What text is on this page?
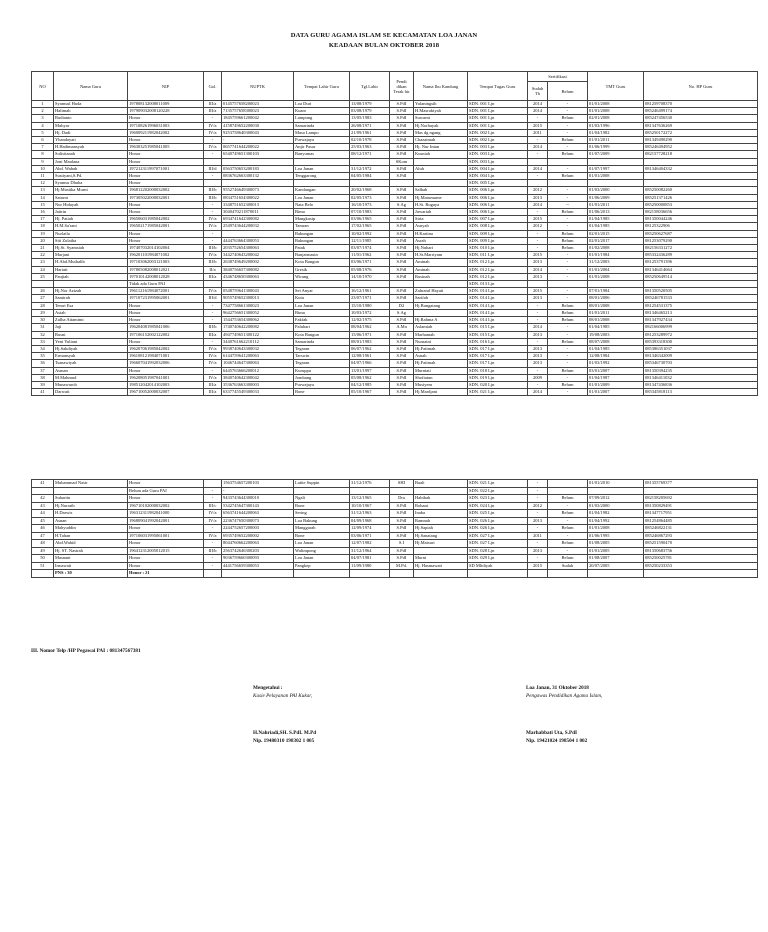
DATA GURU AGAMA ISLAM SE KECAMATAN LOA JANAN
KEADAAN BULAN OKTOBER 2018
NO	Nama Guru	NIP	Gol.	NUPTK	Tempat Lahir Guru	Tgl.Lahir	Pendi dikan Terak hir	Nama Ibu Kandung	Tempat Tugas Guru	Sertifikasi		TMT Guru	No. HP Guru
										Sudah Th	Belum		
1	Syamsul Huda	197808132008011009	III/a	0145757658200023	Loa Duri	13/08/1979	S.PdI	Yulaningsih	SDN. 001 Ljn	2014	-	01/01/2008	081259708370
2	Halimah	197909032008120228	III/a	7135757658300023	Kuaro	03/08/1979	S.PdI	H.Masrukiyah	SDN. 001 Ljn	2014	-	01/01/2008	085246499174
3	Rudianto	Honor	-	1845759661200042	Lampung	13/05/1983	S.PdI	Suwarni	SDN. 001 Ljn	-	Belum	02/01/2008	085247456530
4	Muhyar	197108261996031003	IV/a	4158749652200030	Samarinda	26/08/1971	S.PdI	Hj.Norhayah	SDN. 001 Ljn	2015	-	01/03/1996	081347636269
5	Hj. Dadi	196009211982042002	IV/a	9253758640300043	Masa Lampo	21/09/1961	S.PdI	Mas dg ngang	SDN. 002 Ljn	2011	-	01/04/1982	085250172272
6	Yhandayati	Honor	-	-	Purwajaya	02/10/1978	S.PdI	Chazaimah	SDN. 002 Ljn	-	Belum	01/01/2011	081349490290
7	H.Hadimansyah	196303251985041005	IV/a	0657741644200022	Anjir Pasar	25/03/1963	S.PdI	Hj. Nur Intan	SDN. 003 Ljn	2014	-	01/06/1999	085246494952
8	Sulistianah	Honor	-	6540749651300103	Banyumas	08/12/1971	S.PdI	Kusniah	SDN. 003 Ljn	-	Belum	01/07/2009	082157728218
9	Joni Maulana	Honor					SKom		SDN. 003 Ljn				
10	Abd. Wahab	197212311997071001	III/d	0563750653200183	Loa Janan	31/12/1972	S.PdI	Aluh	SDN. 004 Ljn	2014	-	01/07/1997	081346404332
11	Sustiyani,S.Pd.	Honor	-	0836762663300132	Tenggarong	04/05/1984	S.PdI		SDN. 004 Ljn	-	Belum	01/01/2008	
12	Syamsu Dhuha	Honor							SDN. 005 Ljn				
13	Hj.Mustika Murni	196812202000032002	III/b	9552746649300073	Kandangan	20/02/1968	S.PdI	Salbah	SDN. 006 Ljn	2012	-	01/03/2000	085250082260
14	Saturni	197305022000032001	III/b	0834751654300022	Loa Janan	02/05/1973	S.PdI	Hj.Marumarne	SDN. 006 Ljn	2013	-	01/06/2009	085251371426
15	Nur Hidayah	Honor	-	3348751652300013	Nata Belo	16/10/1973	S.Ag	H.St. Rugaya	SDN. 006 Ljn	2014	--	01/01/2011	085250000853
16	Jaitrin	Honor	-	3040470211870011	Bima	07/10/1983	S.PdI	Juwariah	SDN. 006 Ljn	-	Belum	01/06/2013	082158036656
17	Hj. Patiah	196506031985042002	IV/a	6934741642300082	Mangkusip	03/06/1965	S.PdI	Sirta	SDN. 007 Ljn	2015	-	01/04/1985	081350044246
18	H.M.Sa'rani	196502171985042001	IV/a	2549743644200032	Tamran	17/02/1965	S.PdI	Asnyah	SDN. 008 Ljn	2012	-	01/04/1985	08125322906
19	Nurlaila	Honor	-		Bakungan	10/02/1992	S.PdI	H.Kartina	SDN. 009 Ljn	-	Belum	02/01/2015	085250627687
20	Siti Zulaiha	Honor	-	4444763664300053	Bakungan	12/11/1985	S.PdI	Asrah	SDN. 009 Ljn	-	Belum	02/01/2017	081253079290
21	Hj.St. Syamsiah	197407032014102004	III/b	2035752654300063	Patak	03/07/1974	S.PdI	Hj.Nuhari	SDN. 010 Ljn	-	Belum	01/02/2008	082156331272
22	Marjani	196201101984071002	IV/a	3442740643200042	Banjarmasin	11/01/1962	S.PdI	H.St.Marriyam	SDN. 011 Ljn	2015	-	01/01/1984	085332436289
23	H.Abd.Muthalib	197103062003121003	III/b	2638749649200002	Kota Bangun	03/06/1971	S.PdI	Aminah	SDN. 012 Ljn	2013	-	31/12/2003	081253791396
24	Hariati	197805082008012021	II/a	3840756657300082	Gresik	05/08/1976	S.PdI	Aminah	SDN. 012 Ljn	2014	-	01/01/2004	081346414664
25	Paujiah	197010142008012028	III/a	4346748650300063	Wirang	14/10/1970	S.PdI	Rusinah	SDN. 012 Ljn	2013	-	01/01/2008	085250649514
		Tidak ada Guru PAI							SDN. 013 Ljn				
26	Hj.Nor Azizah	196112161984072001	IV/a	0548759641300043	Sei Anyar	16/12/1961	S.PdI	Zahratul Hayati	SDN. 014 Ljn	2015	-	07/01/1984	081350520505
27	Samirah	197107231995062001	III/d	9055749652300013	Kutu	23/07/1971	S.PdI	Sarifah	SDN. 014 Ljn	2013	-	08/01/2006	085246781533
28	Temri Esa	Honor	-	7347758661300023	Loa Janan	15/10/1980	D2	Hj.Bungatang	SDN. 014 Ljn	-	Belum	08/01/2008	081254531375
29	Asiah	Honor	-	9642756651300052	Bima	10/03/1972	S.Ag		SDN. 014 Ljn	-	Belum	01/01/2011	081346465213
30	Zulha Attamimi	Honor	-	1544753654300062	Fakfak	12/02/1975	S.PdI	Hj.Rahma A	SDN. 014 Ljn	-	Belum	08/01/2008	081347927434
31	Jaji	196204081985041006	III/b	1740740642200082	Paluhari	08/04/1962	A.Ma	Aslamiah	SDN. 015 Ljn	2014	-	01/04/1985	082166006999
32	Rusni	197106152002122002	III/a	4947749651300122	Kota Bangun	15/06/1971	S.PdI	Marhamah	SDN. 015 Ljn	2013	-	19/08/2003	081253289972
33	Yeni Yuliani	Honor	-	3440761662210112	Samarinda	08/01/1983	S.PdI	Nurnaini	SDN. 016 Ljn	-	Belum	08/07/2008	085393318300
34	Hj.Sakdiyah	196207061985042002	IV/a	9938740643300032	Tegaran	06/07/1962	S.PdI	Hj.Fatimah	SDN. 017 Ljn	2013	-	01/04/1985	085386351037
35	Ermansyah	196108121984071001	IV/a	6144759641200063	Tarswin	12/08/1961	S.PdI	Asnah	SDN. 017 Ljn	2013	-	12/08/1984	081346342009
36	Tsanawiyah	196607041992032006	IV/a	1046744647300063	Tegaran	04/07/1966	S.PdI	Hj.Fatimah	SDN. 017 Ljn	2013	-	01/03/1992	085346730703
37	Asman	Honor	-	6445763666200012	Kuruppu	13/01/1997	S.PdI	Murniati	SDN. 018 Ljn	-	Belum	03/01/2007	081350394235
38	M.Mahmud	196208051987041001	IV/a	3840740642300042	Jombang	05/08/1962	S.PdI	Shofiatun	SDN. 019 Ljn	2009	-	01/04/1987	081346411032
39	Munawaroh	198512042014102003	III/a	3536763663300003	Purwajaya	04/12/1985	S.PdI	Musiyem	SDN. 020 Ljn	-	Belum	01/01/2009	081347436836
41	Darwati	196710052000032007	III/a	6337745549300033	Bone	05/10/1967	S.PdI	Hj.Mardjani	SDN. 021 Ljn	2014	-	01/01/2007	085345818113
41	Muhammad Nasir	Honor		1563754657200103	Lattie Suppin	31/12/1976	SHI	Baali	SDN. 021 Ljn	-		01/01/2010	081355769377
		Belum ada Guru PAI	-	-					SDN. 022 Ljn	-			
42	Suhartin	Honor	-	9433743644300010	Ngali	13/12/1965	Dra	Habibah	SDN. 023 Ljn	-	Belum	07/09/2012	082158205692
43	Hj.Nurraib	196710102000032002	III/c	5342745647300143	Bone	10/10/1967	S.PdI	Rohani	SDN. 024 Ljn	2012	-	01/03/2000	081350829491
44	H.Darwis	196312311982041000	IV/a	6563741644200063	Sering	31/12/1963	S.PdI	Inaba	SDN. 025 Ljn	-	Belum	01/04/1982	081347717951
45	Asnan	196809041992042001	IV/a	2236747650300073	Loa Bakung	04/09/1968	S.PdI	Ramnah	SDN. 026 Ljn	2013	-	01/04/1992	081254864485
46	Mahyuddin	Honor	-	2244752657200003	Manggarah	12/09/1974	S.PdI	Hj.Sapiah	SDN. 026 Ljn	-	Belum	01/01/2008	085246822131
47	H.Tahan	197106031995061001	IV/a	6935749652200002	Bone	03/06/1971	S.PdI	Hj.Sanatang	SDN. 027 Ljn	2011	-	01/06/1995	085246867293
48	Abd.Wahid	Honor	-	8044760662200063	Loa Janan	12/07/1982	S.I	Hj.Maisuri	SDN. 027 Ljn	-	Belum	01/08/2005	085251590470
49	Hj. ST. Nasirah	196412312005012015	III/b	2563742646300203	Walimpong	31/12/1964	S.PdI		SDN. 028 Ljn	2013	-	01/01/2005	081350683756
50	Masnani	Honor	-	9036759660300093	Loa Janan	04/07/1981	S.PdI	Murni	SDN. 029 Ljn	-	Belum	01/08/2007	085250025781
51	Irmawati	Honor	-	4441756659300053	Pangkep	11/09/1980	M.Pd.	Hj. Hasmawati	SD Mlidiyah	2015	Sudah	20/07/2005	085250233353
	PNS : 30	Honor : 21											
III. Nomor Telp /HP Pegawai PAI : 081347567381
Mengetahui :
Kasie Pelayanan PAI Kukar,
Loa Janan, 31 Oktober 2018
Pengawas Pendidikan Agama Islam,
H.Nahriadi,SH. S.PdI. M.Pd
Nip. 19480310 198302 1 005
Marhabbati Uta, S.PdI
Nip. 19421024 198504 1 002
